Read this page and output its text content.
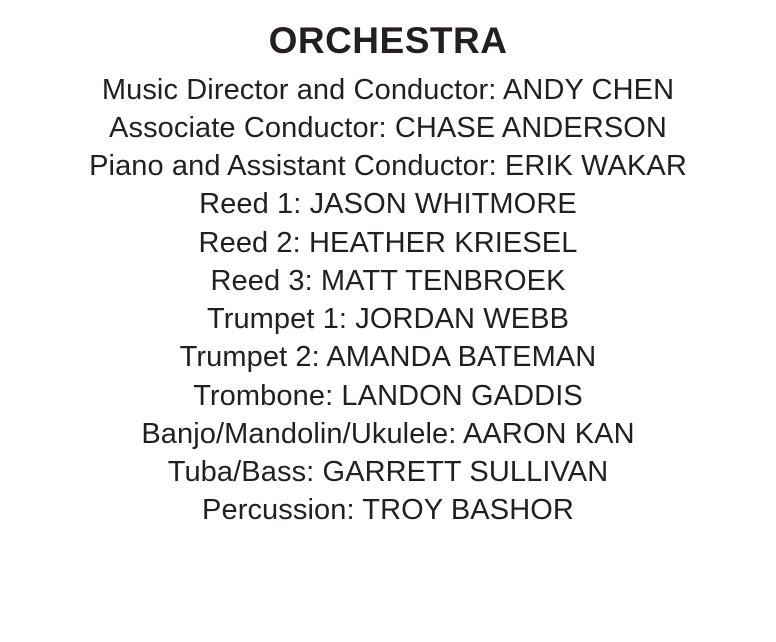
ORCHESTRA
Music Director and Conductor: ANDY CHEN
Associate Conductor: CHASE ANDERSON
Piano and Assistant Conductor: ERIK WAKAR
Reed 1: JASON WHITMORE
Reed 2: HEATHER KRIESEL
Reed 3: MATT TENBROEK
Trumpet 1: JORDAN WEBB
Trumpet 2: AMANDA BATEMAN
Trombone: LANDON GADDIS
Banjo/Mandolin/Ukulele: AARON KAN
Tuba/Bass: GARRETT SULLIVAN
Percussion: TROY BASHOR
